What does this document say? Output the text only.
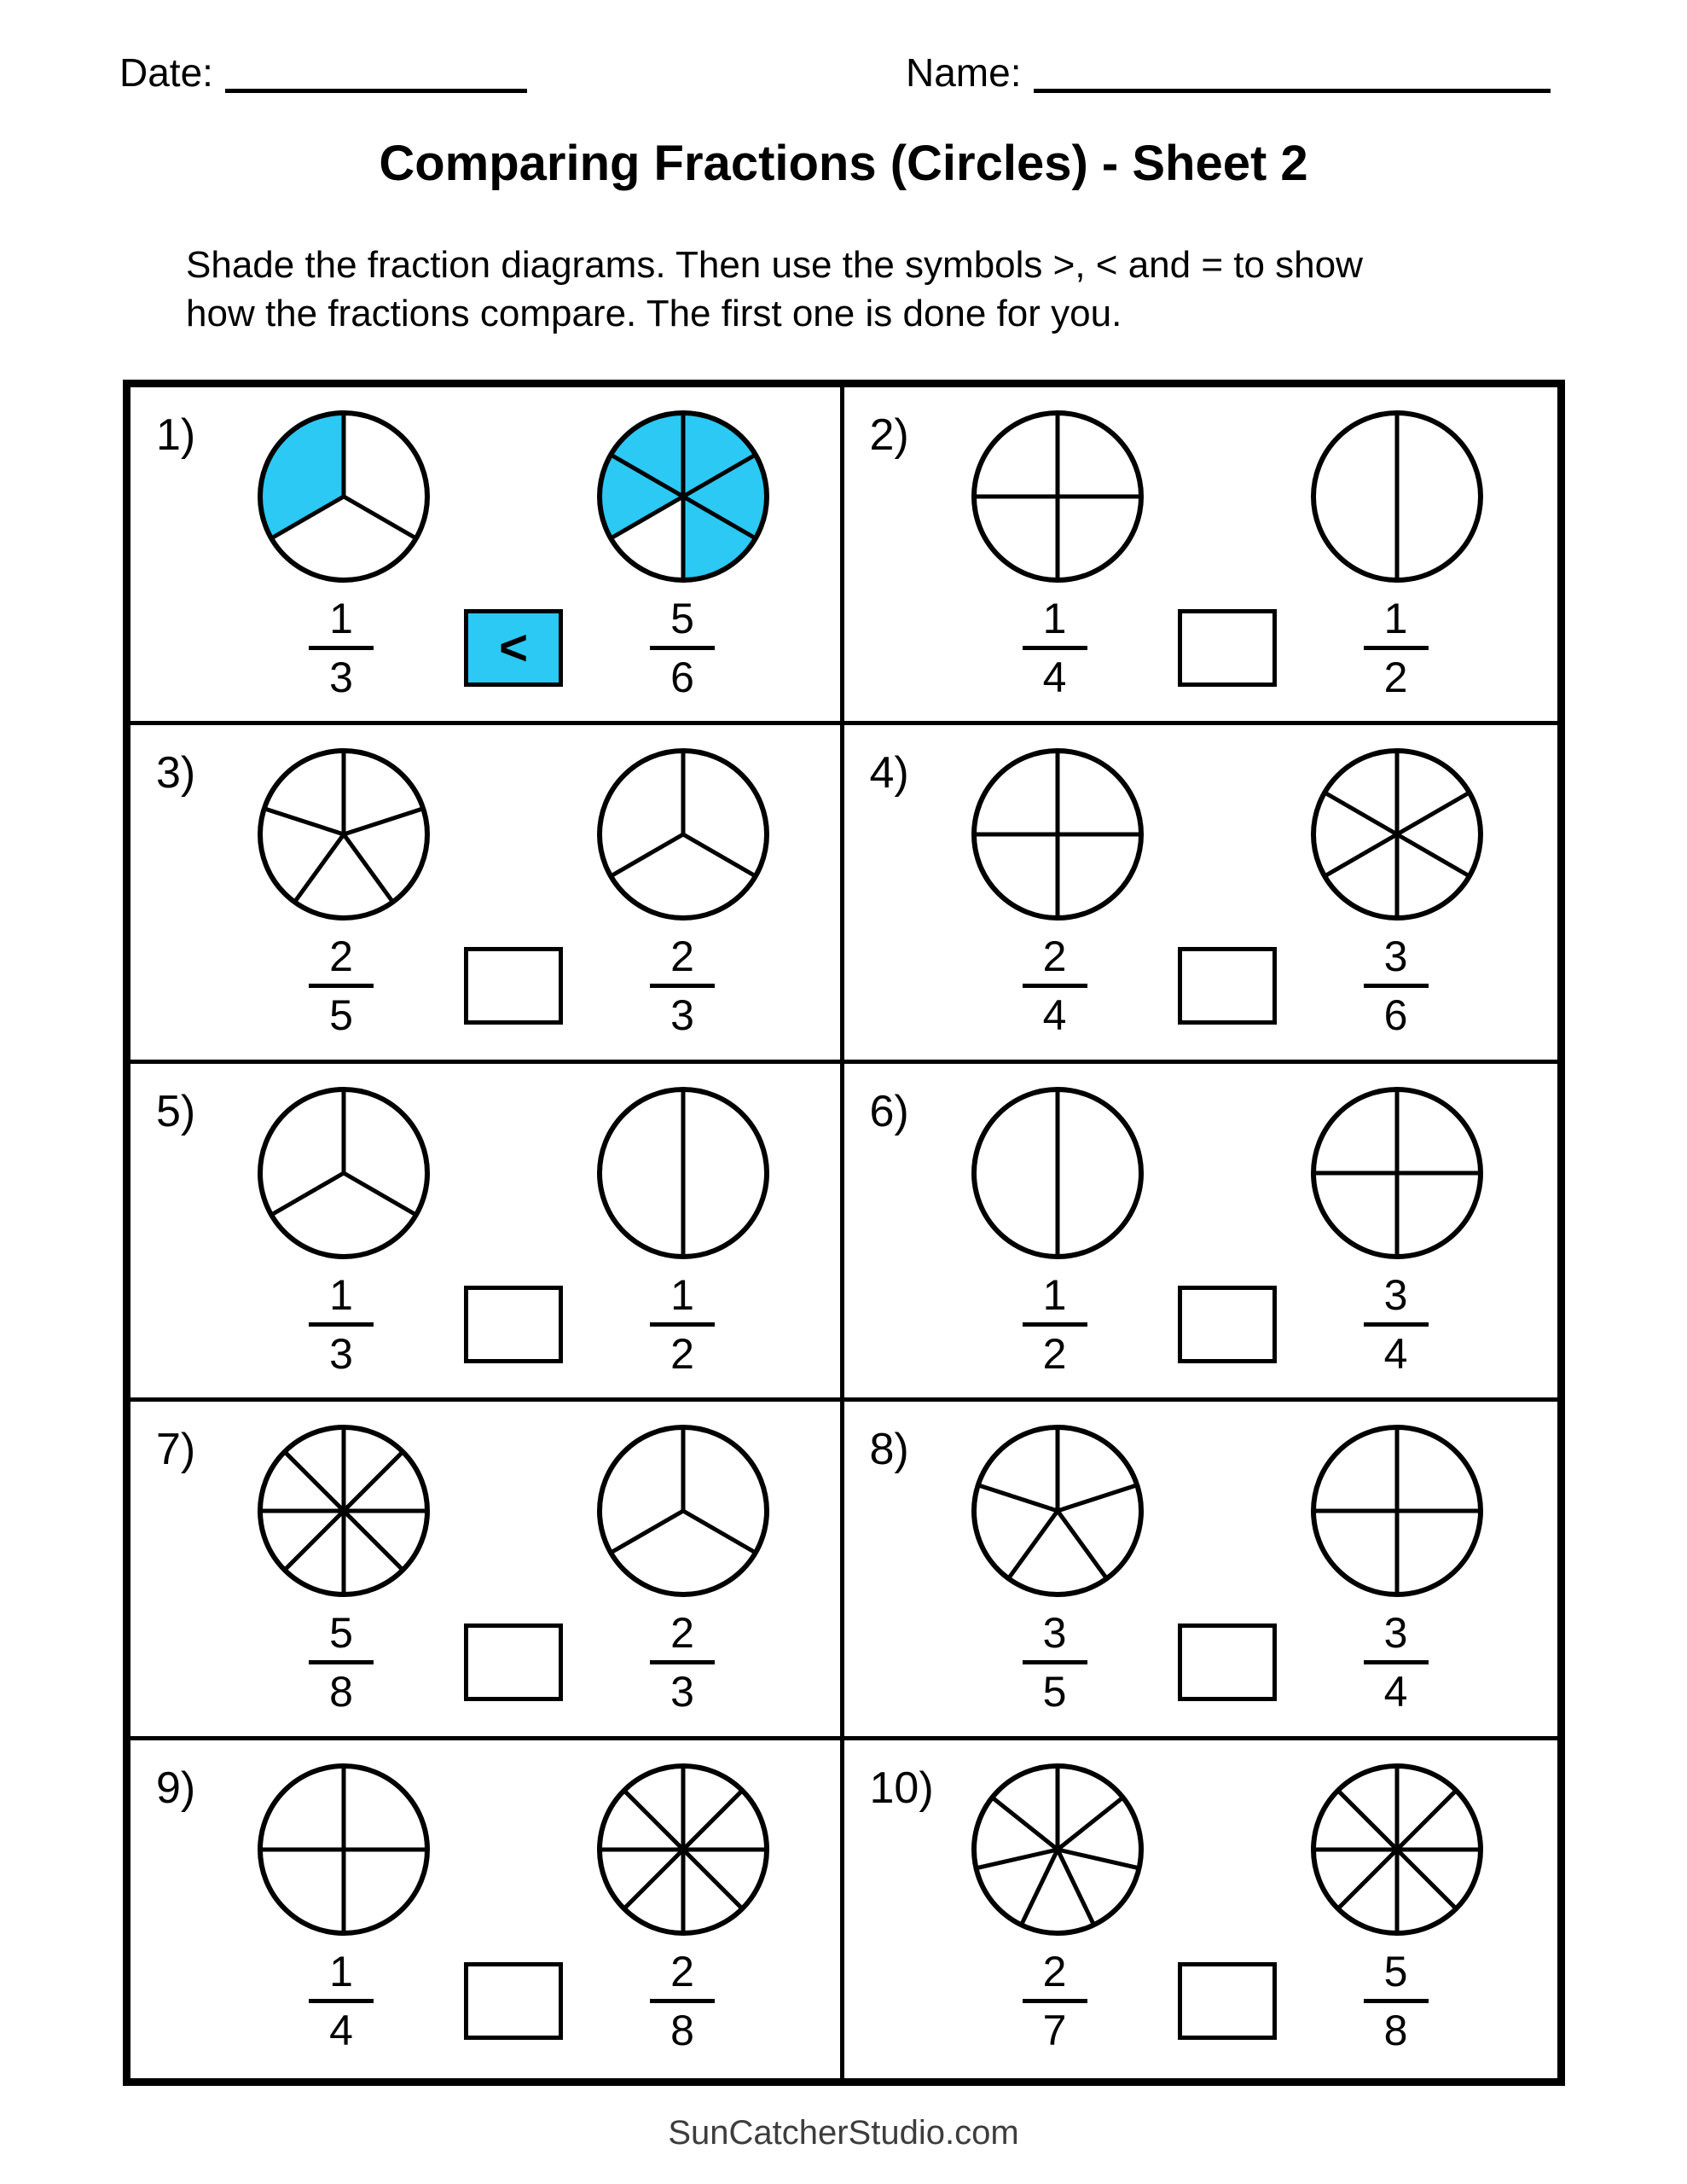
Date:	Name:
Comparing Fractions (Circles) - Sheet 2
Shade the fraction diagrams. Then use the symbols >, < and = to show
how the fractions compare. The first one is done for you.
1)
1
3
<
5
6
2)
1
4
1
2
3)
2
5
2
3
4)
2
4
3
6
5)
1
3
1
2
6)
1
2
3
4
7)
5
8
2
3
8)
3
5
3
4
9)
1
4
2
8
10)
2
7
5
8
SunCatcherStudio.com
